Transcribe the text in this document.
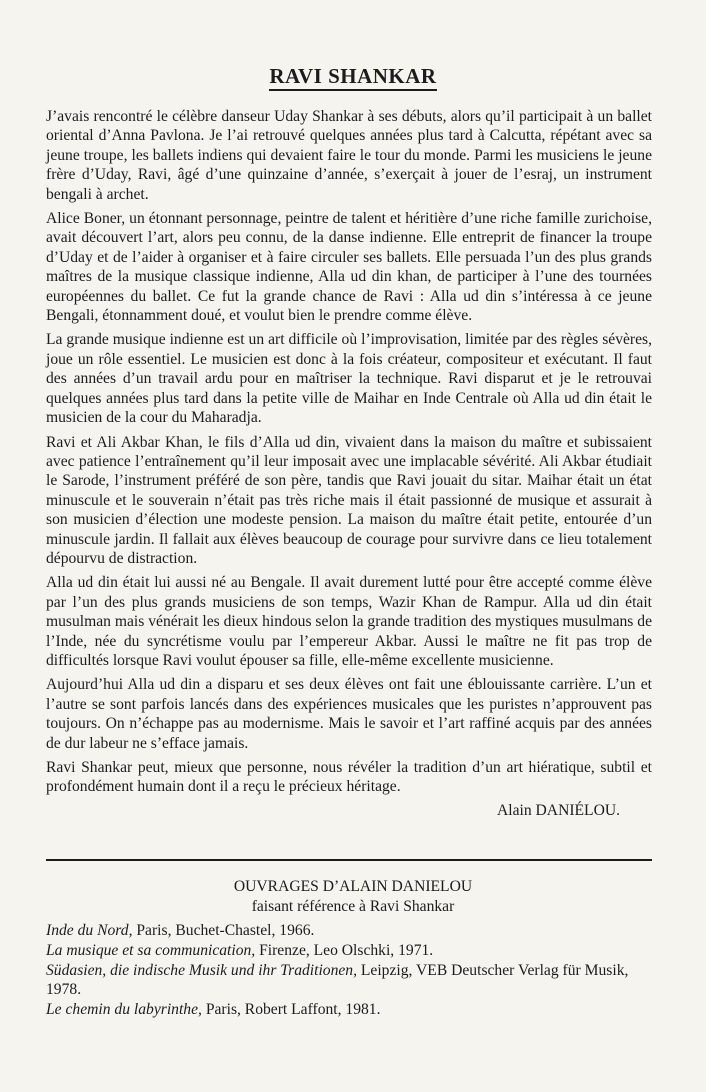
RAVI SHANKAR

J’avais rencontré le célèbre danseur Uday Shankar à ses débuts, alors qu’il participait à un ballet oriental d’Anna Pavlona. Je l’ai retrouvé quelques années plus tard à Calcutta, répétant avec sa jeune troupe, les ballets indiens qui devaient faire le tour du monde. Parmi les musiciens le jeune frère d’Uday, Ravi, âgé d’une quinzaine d’année, s’exerçait à jouer de l’esraj, un instrument bengali à archet.

Alice Boner, un étonnant personnage, peintre de talent et héritière d’une riche famille zurichoise, avait découvert l’art, alors peu connu, de la danse indienne. Elle entreprit de financer la troupe d’Uday et de l’aider à organiser et à faire circuler ses ballets. Elle persuada l’un des plus grands maîtres de la musique classique indienne, Alla ud din khan, de participer à l’une des tournées européennes du ballet. Ce fut la grande chance de Ravi : Alla ud din s’intéressa à ce jeune Bengali, étonnamment doué, et voulut bien le prendre comme élève.

La grande musique indienne est un art difficile où l’improvisation, limitée par des règles sévères, joue un rôle essentiel. Le musicien est donc à la fois créateur, compositeur et exécutant. Il faut des années d’un travail ardu pour en maîtriser la technique. Ravi disparut et je le retrouvai quelques années plus tard dans la petite ville de Maihar en Inde Centrale où Alla ud din était le musicien de la cour du Maharadja.

Ravi et Ali Akbar Khan, le fils d’Alla ud din, vivaient dans la maison du maître et subissaient avec patience l’entraînement qu’il leur imposait avec une implacable sévérité. Ali Akbar étudiait le Sarode, l’instrument préféré de son père, tandis que Ravi jouait du sitar. Maihar était un état minuscule et le souverain n’était pas très riche mais il était passionné de musique et assurait à son musicien d’élection une modeste pension. La maison du maître était petite, entourée d’un minuscule jardin. Il fallait aux élèves beaucoup de courage pour survivre dans ce lieu totalement dépourvu de distraction.

Alla ud din était lui aussi né au Bengale. Il avait durement lutté pour être accepté comme élève par l’un des plus grands musiciens de son temps, Wazir Khan de Rampur. Alla ud din était musulman mais vénérait les dieux hindous selon la grande tradition des mystiques musulmans de l’Inde, née du syncrétisme voulu par l’empereur Akbar. Aussi le maître ne fit pas trop de difficultés lorsque Ravi voulut épouser sa fille, elle-même excellente musicienne.

Aujourd’hui Alla ud din a disparu et ses deux élèves ont fait une éblouissante carrière. L’un et l’autre se sont parfois lancés dans des expériences musicales que les puristes n’approuvent pas toujours. On n’échappe pas au modernisme. Mais le savoir et l’art raffiné acquis par des années de dur labeur ne s’efface jamais.

Ravi Shankar peut, mieux que personne, nous révéler la tradition d’un art hiératique, subtil et profondément humain dont il a reçu le précieux héritage.

Alain DANIÉLOU.
OUVRAGES D’ALAIN DANIELOU
faisant référence à Ravi Shankar

Inde du Nord, Paris, Buchet-Chastel, 1966.

La musique et sa communication, Firenze, Leo Olschki, 1971.

Südasien, die indische Musik und ihr Traditionen, Leipzig, VEB Deutscher Verlag für Musik, 1978.

Le chemin du labyrinthe, Paris, Robert Laffont, 1981.
